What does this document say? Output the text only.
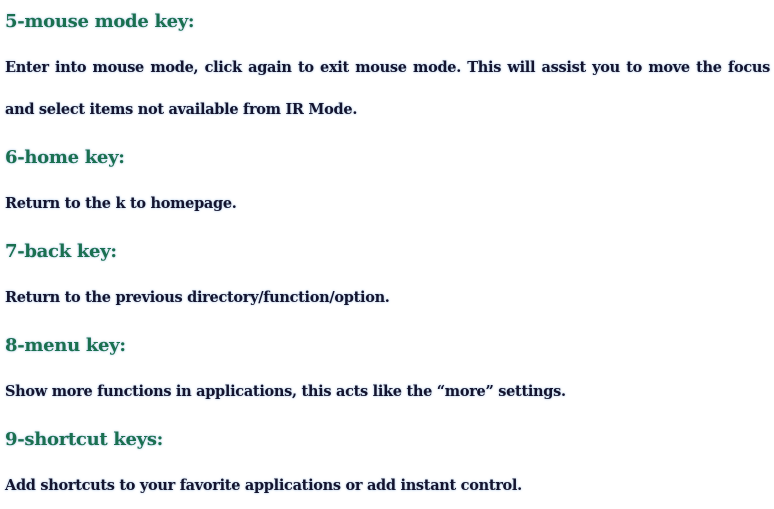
5-mouse mode key:

Enter into mouse mode, click again to exit mouse mode. This will assist you to move the focus and select items not available from IR Mode.

6-home key:

Return to the k to homepage.

7-back key:

Return to the previous directory/function/option.

8-menu key:

Show more functions in applications, this acts like the “more” settings.

9-shortcut keys:

Add shortcuts to your favorite applications or add instant control.
